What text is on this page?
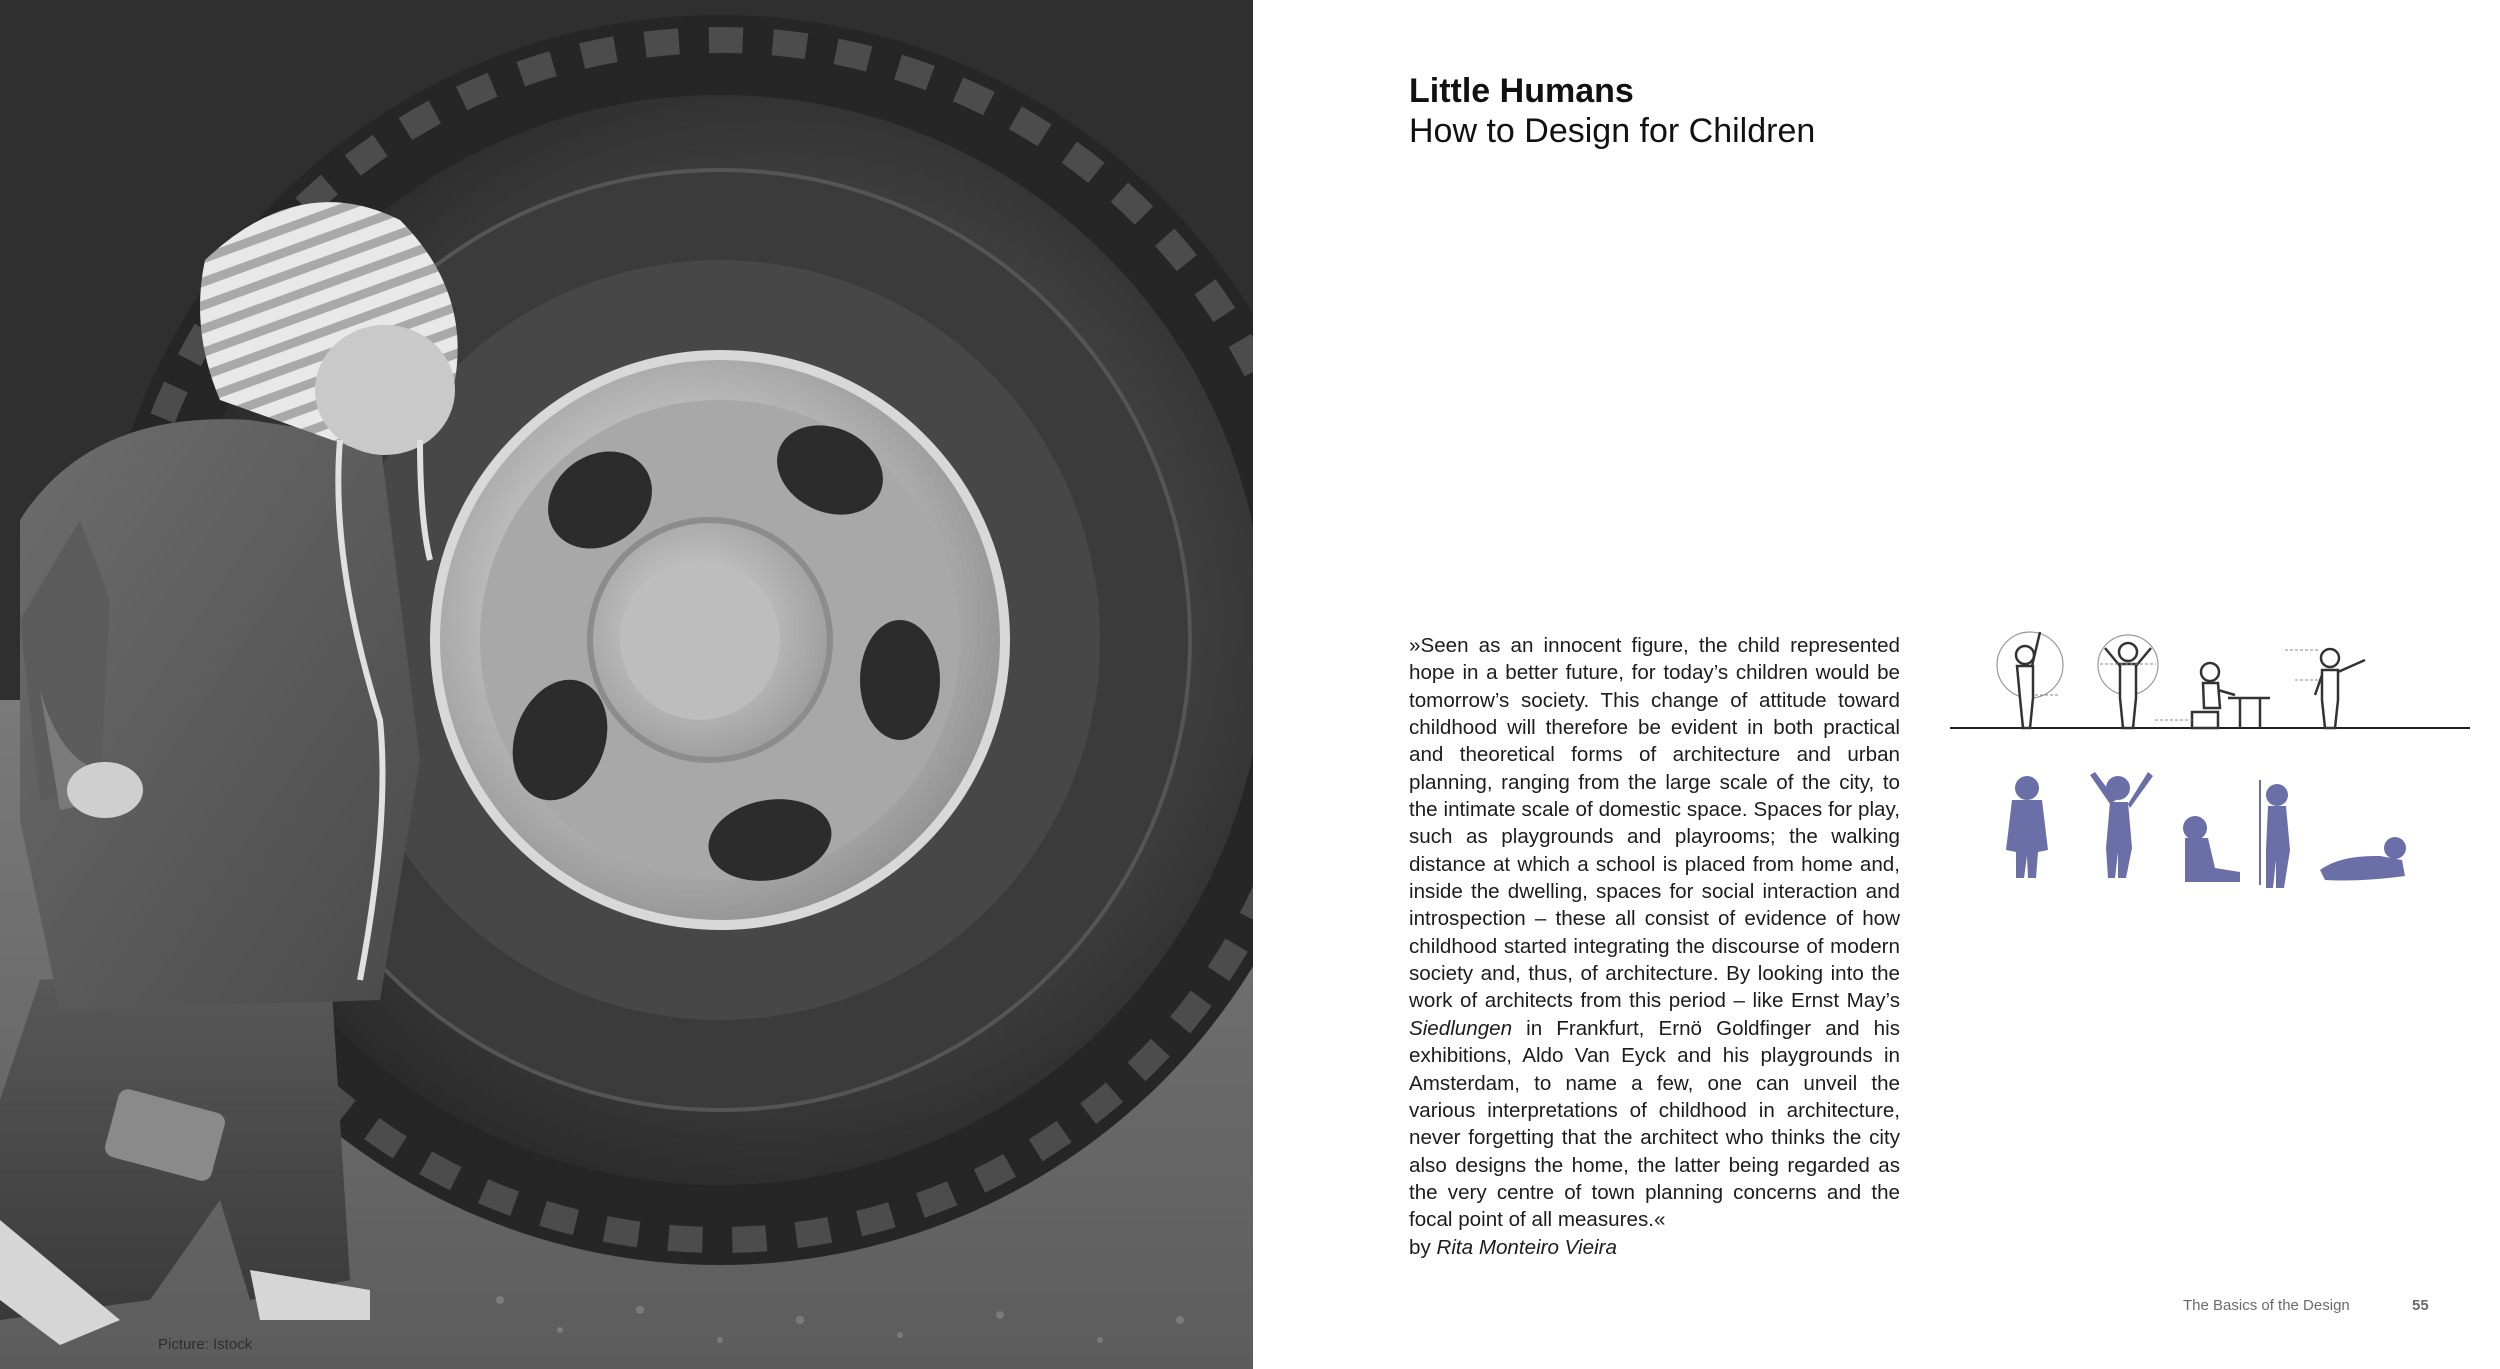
Picture: Istock
Little Humans
How to Design for Children
»Seen as an innocent figure, the child represented hope in a better future, for today’s children would be tomorrow’s society. This change of attitude toward childhood will therefore be evident in both practical and theoretical forms of architecture and urban planning, ranging from the large scale of the city, to the intimate scale of domestic space. Spaces for play, such as playgrounds and playrooms; the walking distance at which a school is placed from home and, inside the dwelling, spaces for social interaction and introspection – these all consist of evidence of how childhood started integrating the discourse of modern society and, thus, of architecture. By looking into the work of architects from this period – like Ernst May’s Siedlungen in Frankfurt, Ernö Goldfinger and his exhibitions, Aldo Van Eyck and his playgrounds in Amsterdam, to name a few, one can unveil the various interpretations of childhood in architecture, never forgetting that the architect who thinks the city also designs the home, the latter being regarded as the very centre of town planning concerns and the focal point of all measures.«
by Rita Monteiro Vieira
The Basics of the Design	55
